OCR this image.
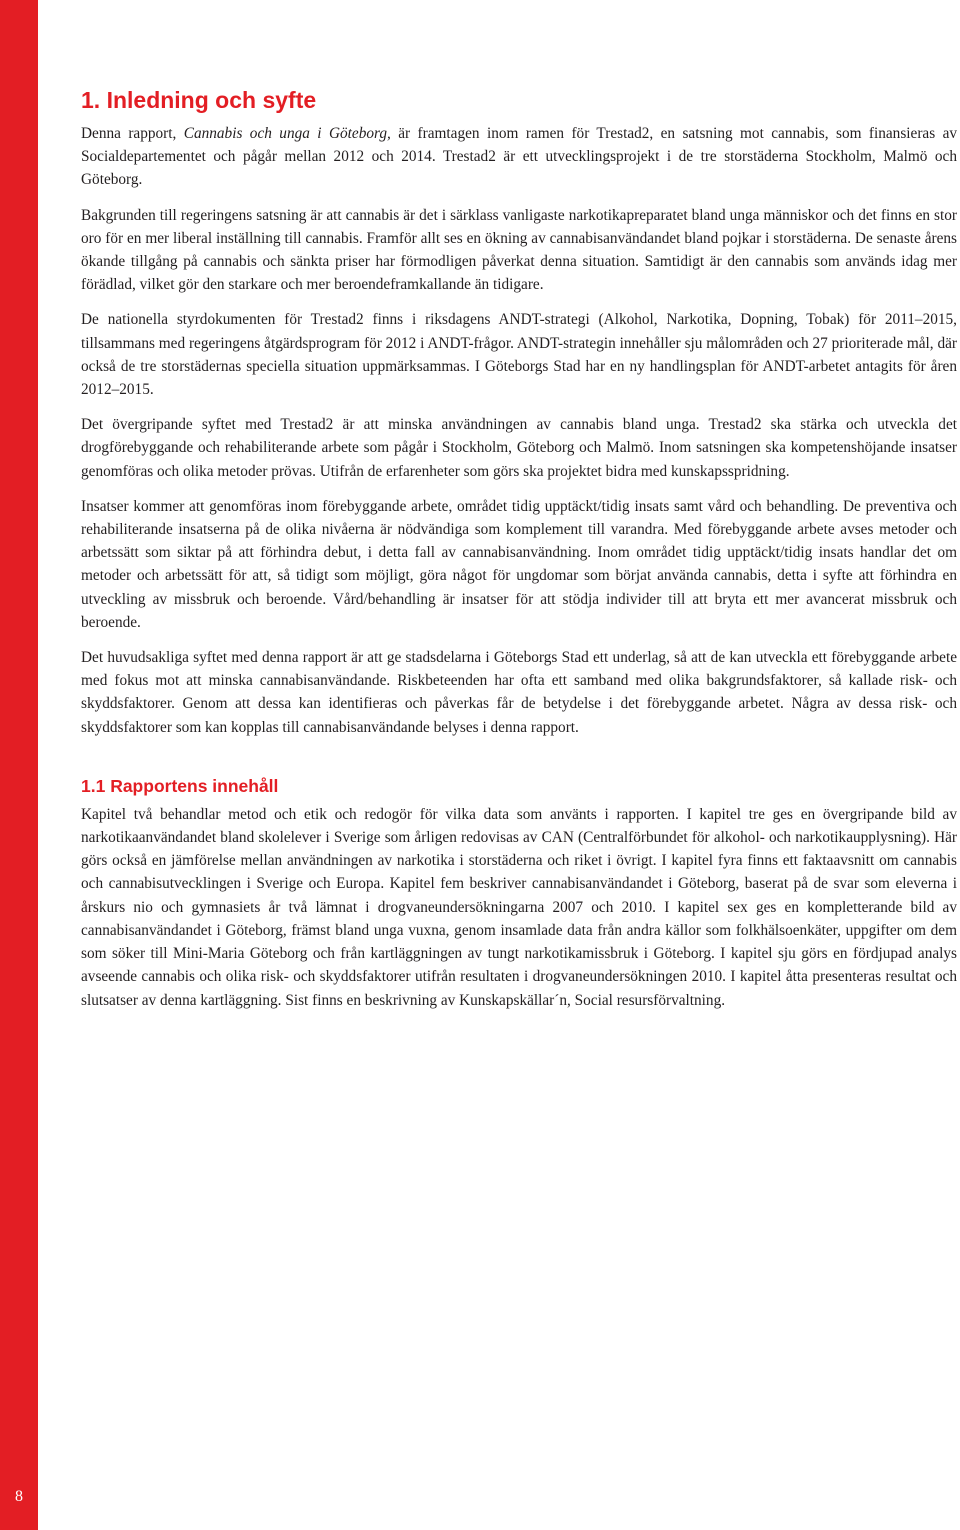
8
1. Inledning och syfte

Denna rapport, Cannabis och unga i Göteborg, är framtagen inom ramen för Trestad2, en satsning mot cannabis, som finansieras av Socialdepartementet och pågår mellan 2012 och 2014. Trestad2 är ett utvecklingsprojekt i de tre storstäderna Stockholm, Malmö och Göteborg.

Bakgrunden till regeringens satsning är att cannabis är det i särklass vanligaste narkotikapreparatet bland unga människor och det finns en stor oro för en mer liberal inställning till cannabis. Framför allt ses en ökning av cannabisanvändandet bland pojkar i storstäderna. De senaste årens ökande tillgång på cannabis och sänkta priser har förmodligen påverkat denna situation. Samtidigt är den cannabis som används idag mer förädlad, vilket gör den starkare och mer beroendeframkallande än tidigare.

De nationella styrdokumenten för Trestad2 finns i riksdagens ANDT-strategi (Alkohol, Narkotika, Dopning, Tobak) för 2011–2015, tillsammans med regeringens åtgärdsprogram för 2012 i ANDT-frågor. ANDT-strategin innehåller sju målområden och 27 prioriterade mål, där också de tre storstädernas speciella situation uppmärksammas. I Göteborgs Stad har en ny handlingsplan för ANDT-arbetet antagits för åren 2012–2015.

Det övergripande syftet med Trestad2 är att minska användningen av cannabis bland unga. Trestad2 ska stärka och utveckla det drogförebyggande och rehabiliterande arbete som pågår i Stockholm, Göteborg och Malmö. Inom satsningen ska kompetenshöjande insatser genomföras och olika metoder prövas. Utifrån de erfarenheter som görs ska projektet bidra med kunskapsspridning.

Insatser kommer att genomföras inom förebyggande arbete, området tidig upptäckt/tidig insats samt vård och behandling. De preventiva och rehabiliterande insatserna på de olika nivåerna är nödvändiga som komplement till varandra. Med förebyggande arbete avses metoder och arbetssätt som siktar på att förhindra debut, i detta fall av cannabisanvändning. Inom området tidig upptäckt/tidig insats handlar det om metoder och arbetssätt för att, så tidigt som möjligt, göra något för ungdomar som börjat använda cannabis, detta i syfte att förhindra en utveckling av missbruk och beroende. Vård/behandling är insatser för att stödja individer till att bryta ett mer avancerat missbruk och beroende.

Det huvudsakliga syftet med denna rapport är att ge stadsdelarna i Göteborgs Stad ett underlag, så att de kan utveckla ett förebyggande arbete med fokus mot att minska cannabisanvändande. Riskbeteenden har ofta ett samband med olika bakgrundsfaktorer, så kallade risk- och skyddsfaktorer. Genom att dessa kan identifieras och påverkas får de betydelse i det förebyggande arbetet. Några av dessa risk- och skyddsfaktorer som kan kopplas till cannabisanvändande belyses i denna rapport.

1.1 Rapportens innehåll

Kapitel två behandlar metod och etik och redogör för vilka data som använts i rapporten. I kapitel tre ges en övergripande bild av narkotikaanvändandet bland skolelever i Sverige som årligen redovisas av CAN (Centralförbundet för alkohol- och narkotikaupplysning). Här görs också en jämförelse mellan användningen av narkotika i storstäderna och riket i övrigt. I kapitel fyra finns ett faktaavsnitt om cannabis och cannabisutvecklingen i Sverige och Europa. Kapitel fem beskriver cannabisanvändandet i Göteborg, baserat på de svar som eleverna i årskurs nio och gymnasiets år två lämnat i drogvaneundersökningarna 2007 och 2010. I kapitel sex ges en kompletterande bild av cannabisanvändandet i Göteborg, främst bland unga vuxna, genom insamlade data från andra källor som folkhälsoenkäter, uppgifter om dem som söker till Mini-Maria Göteborg och från kartläggningen av tungt narkotikamissbruk i Göteborg. I kapitel sju görs en fördjupad analys avseende cannabis och olika risk- och skyddsfaktorer utifrån resultaten i drogvaneundersökningen 2010. I kapitel åtta presenteras resultat och slutsatser av denna kartläggning. Sist finns en beskrivning av Kunskapskällar´n, Social resursförvaltning.
